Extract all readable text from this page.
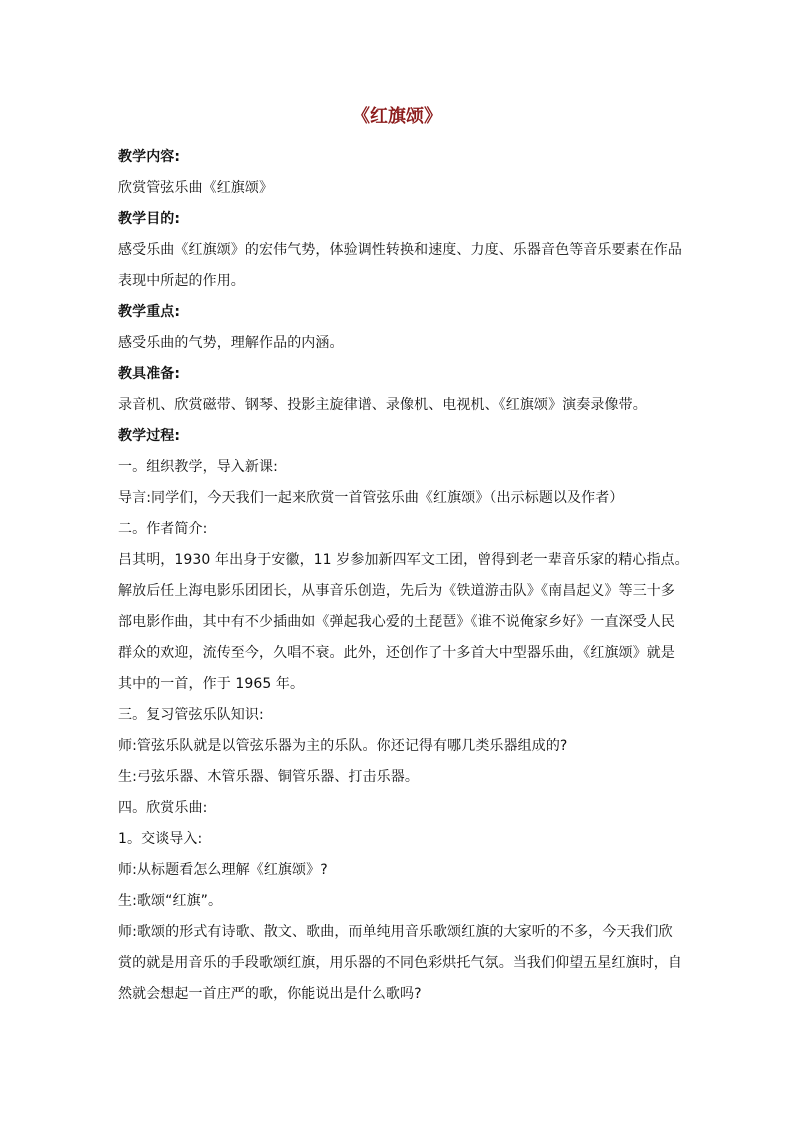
《红旗颂》

教学内容:

欣赏管弦乐曲《红旗颂》

教学目的:

感受乐曲《红旗颂》的宏伟气势，体验调性转换和速度、力度、乐器音色等音乐要素在作品

表现中所起的作用。

教学重点:

感受乐曲的气势，理解作品的内涵。

教具准备:

录音机、欣赏磁带、钢琴、投影主旋律谱、录像机、电视机、《红旗颂》演奏录像带。

教学过程:

一。组织教学，导入新课:

导言:同学们，今天我们一起来欣赏一首管弦乐曲《红旗颂》（出示标题以及作者）

二。作者简介:

吕其明，1930 年出身于安徽，11 岁参加新四军文工团，曾得到老一辈音乐家的精心指点。

解放后任上海电影乐团团长，从事音乐创造，先后为《铁道游击队》《南昌起义》等三十多

部电影作曲，其中有不少插曲如《弹起我心爱的土琵琶》《谁不说俺家乡好》一直深受人民

群众的欢迎，流传至今，久唱不衰。此外，还创作了十多首大中型器乐曲，《红旗颂》就是

其中的一首，作于 1965 年。

三。复习管弦乐队知识:

师:管弦乐队就是以管弦乐器为主的乐队。你还记得有哪几类乐器组成的?

生:弓弦乐器、木管乐器、铜管乐器、打击乐器。

四。欣赏乐曲:

1。交谈导入:

师:从标题看怎么理解《红旗颂》?

生:歌颂“红旗”。

师:歌颂的形式有诗歌、散文、歌曲，而单纯用音乐歌颂红旗的大家听的不多，今天我们欣

赏的就是用音乐的手段歌颂红旗，用乐器的不同色彩烘托气氛。当我们仰望五星红旗时，自

然就会想起一首庄严的歌，你能说出是什么歌吗?
